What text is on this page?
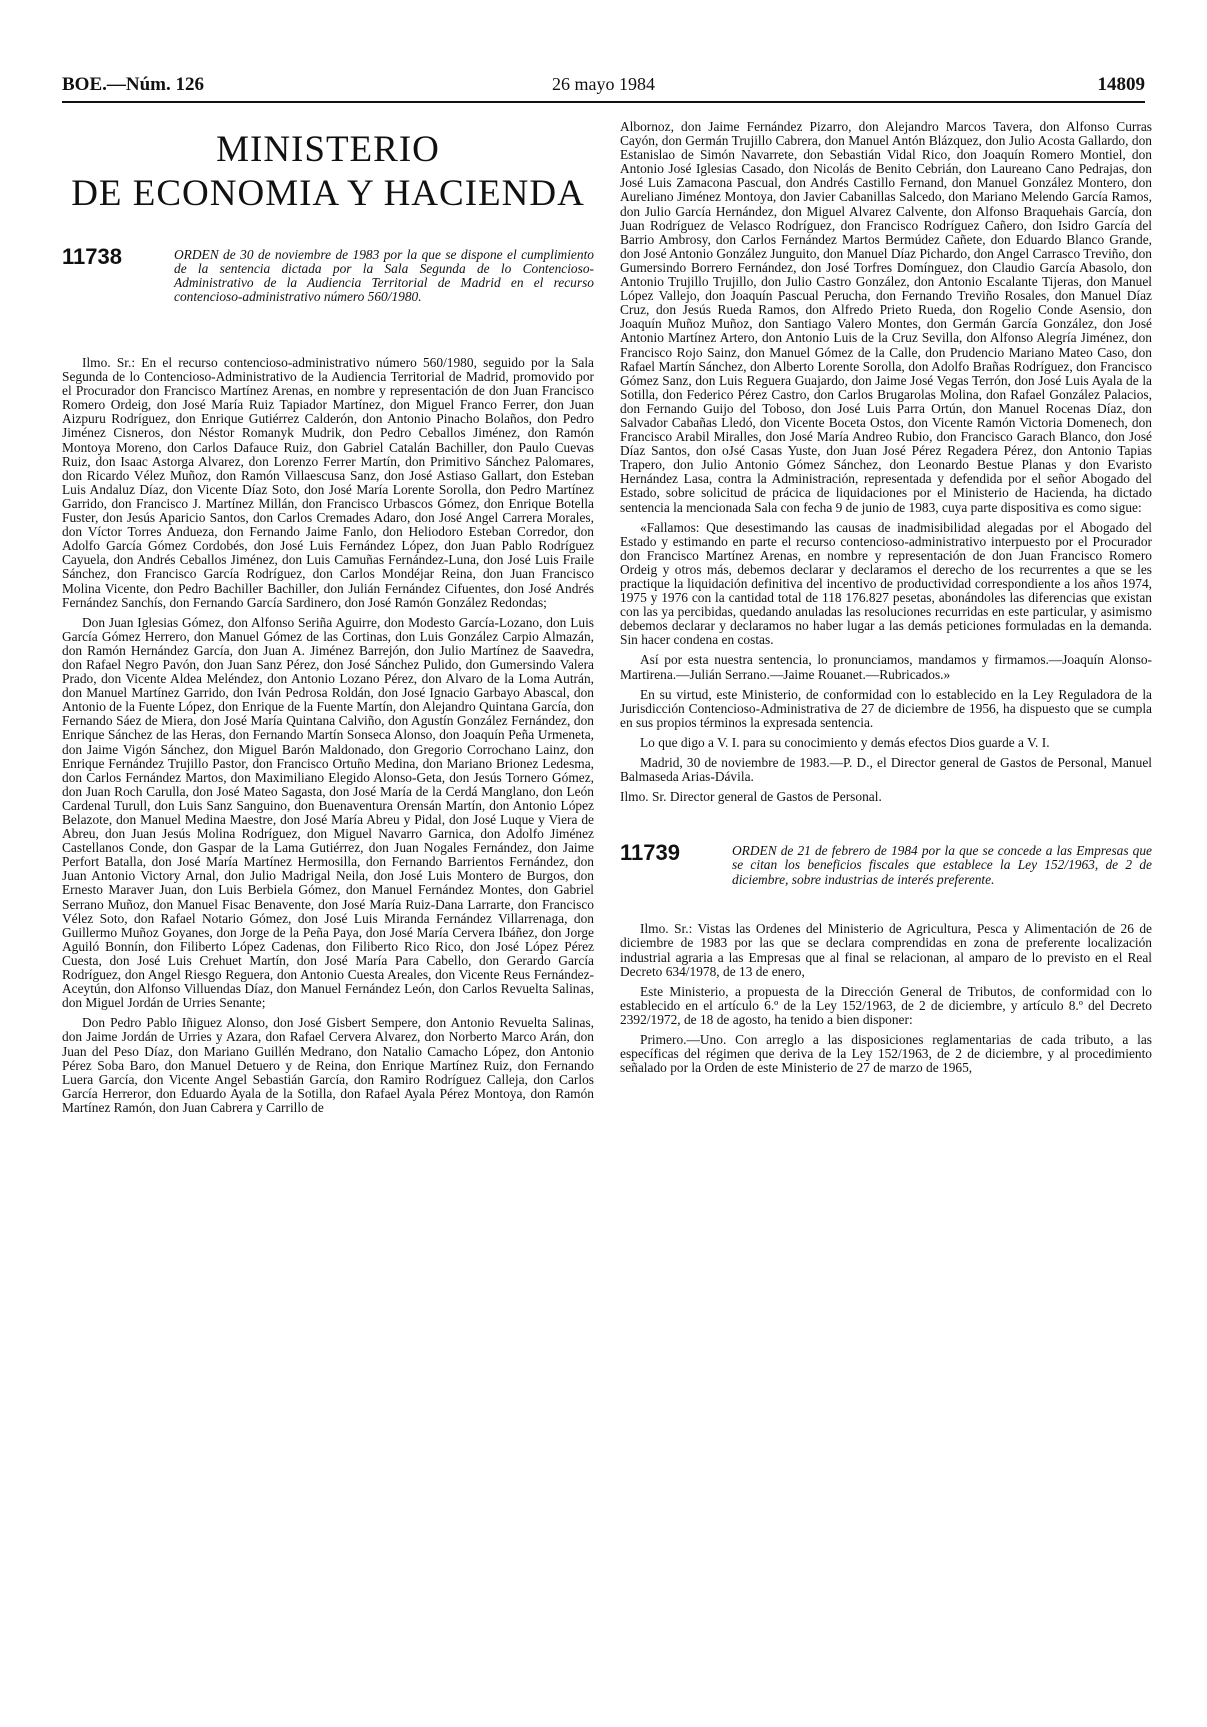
BOE.—Núm. 126	26 mayo 1984	14809
MINISTERIO
DE ECONOMIA Y HACIENDA
11738	ORDEN de 30 de noviembre de 1983 por la que se dispone el cumplimiento de la sentencia dictada por la Sala Segunda de lo Contencioso-Administrativo de la Audiencia Territorial de Madrid en el recurso contencioso-administrativo número 560/1980.

Ilmo. Sr.: En el recurso contencioso-administrativo número 560/1980, seguido por la Sala Segunda de lo Contencioso-Administrativo de la Audiencia Territorial de Madrid, promovido por el Procurador don Francisco Martínez Arenas, en nombre y representación de don Juan Francisco Romero Ordeig, don José María Ruiz Tapiador Martínez, don Miguel Franco Ferrer, don Juan Aizpuru Rodríguez, don Enrique Gutiérrez Calderón, don Antonio Pinacho Bolaños, don Pedro Jiménez Cisneros, don Néstor Romanyk Mudrik, don Pedro Ceballos Jiménez, don Ramón Montoya Moreno, don Carlos Dafauce Ruiz, don Gabriel Catalán Bachiller, don Paulo Cuevas Ruiz, don Isaac Astorga Alvarez, don Lorenzo Ferrer Martín, don Primitivo Sánchez Palomares, don Ricardo Vélez Muñoz, don Ramón Villaescusa Sanz, don José Astiaso Gallart, don Esteban Luis Andaluz Díaz, don Vicente Díaz Soto, don José María Lorente Sorolla, don Pedro Martínez Garrido, don Francisco J. Martínez Millán, don Francisco Urbascos Gómez, don Enrique Botella Fuster, don Jesús Aparicio Santos, don Carlos Cremades Adaro, don José Angel Carrera Morales, don Víctor Torres Andueza, don Fernando Jaime Fanlo, don Heliodoro Esteban Corredor, don Adolfo García Gómez Cordobés, don José Luis Fernández López, don Juan Pablo Rodríguez Cayuela, don Andrés Ceballos Jiménez, don Luis Camuñas Fernández-Luna, don José Luis Fraile Sánchez, don Francisco García Rodríguez, don Carlos Mondéjar Reina, don Juan Francisco Molina Vicente, don Pedro Bachiller Bachiller, don Julián Fernández Cifuentes, don José Andrés Fernández Sanchís, don Fernando García Sardinero, don José Ramón González Redondas;

Don Juan Iglesias Gómez, don Alfonso Seriña Aguirre, don Modesto García-Lozano, don Luis García Gómez Herrero, don Manuel Gómez de las Cortinas, don Luis González Carpio Almazán, don Ramón Hernández García, don Juan A. Jiménez Barrejón, don Julio Martínez de Saavedra, don Rafael Negro Pavón, don Juan Sanz Pérez, don José Sánchez Pulido, don Gumersindo Valera Prado, don Vicente Aldea Meléndez, don Antonio Lozano Pérez, don Alvaro de la Loma Autrán, don Manuel Martínez Garrido, don Iván Pedrosa Roldán, don José Ignacio Garbayo Abascal, don Antonio de la Fuente López, don Enrique de la Fuente Martín, don Alejandro Quintana García, don Fernando Sáez de Miera, don José María Quintana Calviño, don Agustín González Fernández, don Enrique Sánchez de las Heras, don Fernando Martín Sonseca Alonso, don Joaquín Peña Urmeneta, don Jaime Vigón Sánchez, don Miguel Barón Maldonado, don Gregorio Corrochano Lainz, don Enrique Fernández Trujillo Pastor, don Francisco Ortuño Medina, don Mariano Brionez Ledesma, don Carlos Fernández Martos, don Maximiliano Elegido Alonso-Geta, don Jesús Tornero Gómez, don Juan Roch Carulla, don José Mateo Sagasta, don José María de la Cerdá Manglano, don León Cardenal Turull, don Luis Sanz Sanguino, don Buenaventura Orensán Martín, don Antonio López Belazote, don Manuel Medina Maestre, don José María Abreu y Pidal, don José Luque y Viera de Abreu, don Juan Jesús Molina Rodríguez, don Miguel Navarro Garnica, don Adolfo Jiménez Castellanos Conde, don Gaspar de la Lama Gutiérrez, don Juan Nogales Fernández, don Jaime Perfort Batalla, don José María Martínez Hermosilla, don Fernando Barrientos Fernández, don Juan Antonio Victory Arnal, don Julio Madrigal Neila, don José Luis Montero de Burgos, don Ernesto Maraver Juan, don Luis Berbiela Gómez, don Manuel Fernández Montes, don Gabriel Serrano Muñoz, don Manuel Fisac Benavente, don José María Ruiz-Dana Larrarte, don Francisco Vélez Soto, don Rafael Notario Gómez, don José Luis Miranda Fernández Villarrenaga, don Guillermo Muñoz Goyanes, don Jorge de la Peña Paya, don José María Cervera Ibáñez, don Jorge Aguiló Bonnín, don Filiberto López Cadenas, don Filiberto Rico Rico, don José López Pérez Cuesta, don José Luis Crehuet Martín, don José María Para Cabello, don Gerardo García Rodríguez, don Angel Riesgo Reguera, don Antonio Cuesta Areales, don Vicente Reus Fernández-Aceytún, don Alfonso Villuendas Díaz, don Manuel Fernández León, don Carlos Revuelta Salinas, don Miguel Jordán de Urries Senante;

Don Pedro Pablo Iñiguez Alonso, don José Gisbert Sempere, don Antonio Revuelta Salinas, don Jaime Jordán de Urries y Azara, don Rafael Cervera Alvarez, don Norberto Marco Arán, don Juan del Peso Díaz, don Mariano Guillén Medrano, don Natalio Camacho López, don Antonio Pérez Soba Baro, don Manuel Detuero y de Reina, don Enrique Martínez Ruiz, don Fernando Luera García, don Vicente Angel Sebastián García, don Ramiro Rodríguez Calleja, don Carlos García Herreror, don Eduardo Ayala de la Sotilla, don Rafael Ayala Pérez Montoya, don Ramón Martínez Ramón, don Juan Cabrera y Carrillo de

Albornoz, don Jaime Fernández Pizarro, don Alejandro Marcos Tavera, don Alfonso Curras Cayón, don Germán Trujillo Cabrera, don Manuel Antón Blázquez, don Julio Acosta Gallardo, don Estanislao de Simón Navarrete, don Sebastián Vidal Rico, don Joaquín Romero Montiel, don Antonio José Iglesias Casado, don Nicolás de Benito Cebrián, don Laureano Cano Pedrajas, don José Luis Zamacona Pascual, don Andrés Castillo Fernand, don Manuel González Montero, don Aureliano Jiménez Montoya, don Javier Cabanillas Salcedo, don Mariano Melendo García Ramos, don Julio García Hernández, don Miguel Alvarez Calvente, don Alfonso Braquehais García, don Juan Rodríguez de Velasco Rodríguez, don Francisco Rodríguez Cañero, don Isidro García del Barrio Ambrosy, don Carlos Fernández Martos Bermúdez Cañete, don Eduardo Blanco Grande, don José Antonio González Junguito, don Manuel Díaz Pichardo, don Angel Carrasco Treviño, don Gumersindo Borrero Fernández, don José Torfres Domínguez, don Claudio García Abasolo, don Antonio Trujillo Trujillo, don Julio Castro González, don Antonio Escalante Tijeras, don Manuel López Vallejo, don Joaquín Pascual Perucha, don Fernando Treviño Rosales, don Manuel Díaz Cruz, don Jesús Rueda Ramos, don Alfredo Prieto Rueda, don Rogelio Conde Asensio, don Joaquín Muñoz Muñoz, don Santiago Valero Montes, don Germán García González, don José Antonio Martínez Artero, don Antonio Luis de la Cruz Sevilla, don Alfonso Alegría Jiménez, don Francisco Rojo Sainz, don Manuel Gómez de la Calle, don Prudencio Mariano Mateo Caso, don Rafael Martín Sánchez, don Alberto Lorente Sorolla, don Adolfo Brañas Rodríguez, don Francisco Gómez Sanz, don Luis Reguera Guajardo, don Jaime José Vegas Terrón, don José Luis Ayala de la Sotilla, don Federico Pérez Castro, don Carlos Brugarolas Molina, don Rafael González Palacios, don Fernando Guijo del Toboso, don José Luis Parra Ortún, don Manuel Rocenas Díaz, don Salvador Cabañas Lledó, don Vicente Boceta Ostos, don Vicente Ramón Victoria Domenech, don Francisco Arabil Miralles, don José María Andreo Rubio, don Francisco Garach Blanco, don José Díaz Santos, don oJsé Casas Yuste, don Juan José Pérez Regadera Pérez, don Antonio Tapias Trapero, don Julio Antonio Gómez Sánchez, don Leonardo Bestue Planas y don Evaristo Hernández Lasa, contra la Administración, representada y defendida por el señor Abogado del Estado, sobre solicitud de prácica de liquidaciones por el Ministerio de Hacienda, ha dictado sentencia la mencionada Sala con fecha 9 de junio de 1983, cuya parte dispositiva es como sigue:

«Fallamos: Que desestimando las causas de inadmisibilidad alegadas por el Abogado del Estado y estimando en parte el recurso contencioso-administrativo interpuesto por el Procurador don Francisco Martínez Arenas, en nombre y representación de don Juan Francisco Romero Ordeig y otros más, debemos declarar y declaramos el derecho de los recurrentes a que se les practique la liquidación definitiva del incentivo de productividad correspondiente a los años 1974, 1975 y 1976 con la cantidad total de 118 176.827 pesetas, abonándoles las diferencias que existan con las ya percibidas, quedando anuladas las resoluciones recurridas en este particular, y asimismo debemos declarar y declaramos no haber lugar a las demás peticiones formuladas en la demanda. Sin hacer condena en costas.

Así por esta nuestra sentencia, lo pronunciamos, mandamos y firmamos.—Joaquín Alonso-Martirena.—Julián Serrano.—Jaime Rouanet.—Rubricados.»

En su virtud, este Ministerio, de conformidad con lo establecido en la Ley Reguladora de la Jurisdicción Contencioso-Administrativa de 27 de diciembre de 1956, ha dispuesto que se cumpla en sus propios términos la expresada sentencia.

Lo que digo a V. I. para su conocimiento y demás efectos Dios guarde a V. I.

Madrid, 30 de noviembre de 1983.—P. D., el Director general de Gastos de Personal, Manuel Balmaseda Arias-Dávila.

Ilmo. Sr. Director general de Gastos de Personal.

11739	ORDEN de 21 de febrero de 1984 por la que se concede a las Empresas que se citan los beneficios fiscales que establece la Ley 152/1963, de 2 de diciembre, sobre industrias de interés preferente.

Ilmo. Sr.: Vistas las Ordenes del Ministerio de Agricultura, Pesca y Alimentación de 26 de diciembre de 1983 por las que se declara comprendidas en zona de preferente localización industrial agraria a las Empresas que al final se relacionan, al amparo de lo previsto en el Real Decreto 634/1978, de 13 de enero,

Este Ministerio, a propuesta de la Dirección General de Tributos, de conformidad con lo establecido en el artículo 6.º de la Ley 152/1963, de 2 de diciembre, y artículo 8.º del Decreto 2392/1972, de 18 de agosto, ha tenido a bien disponer:

Primero.—Uno. Con arreglo a las disposiciones reglamentarias de cada tributo, a las específicas del régimen que deriva de la Ley 152/1963, de 2 de diciembre, y al procedimiento señalado por la Orden de este Ministerio de 27 de marzo de 1965,
